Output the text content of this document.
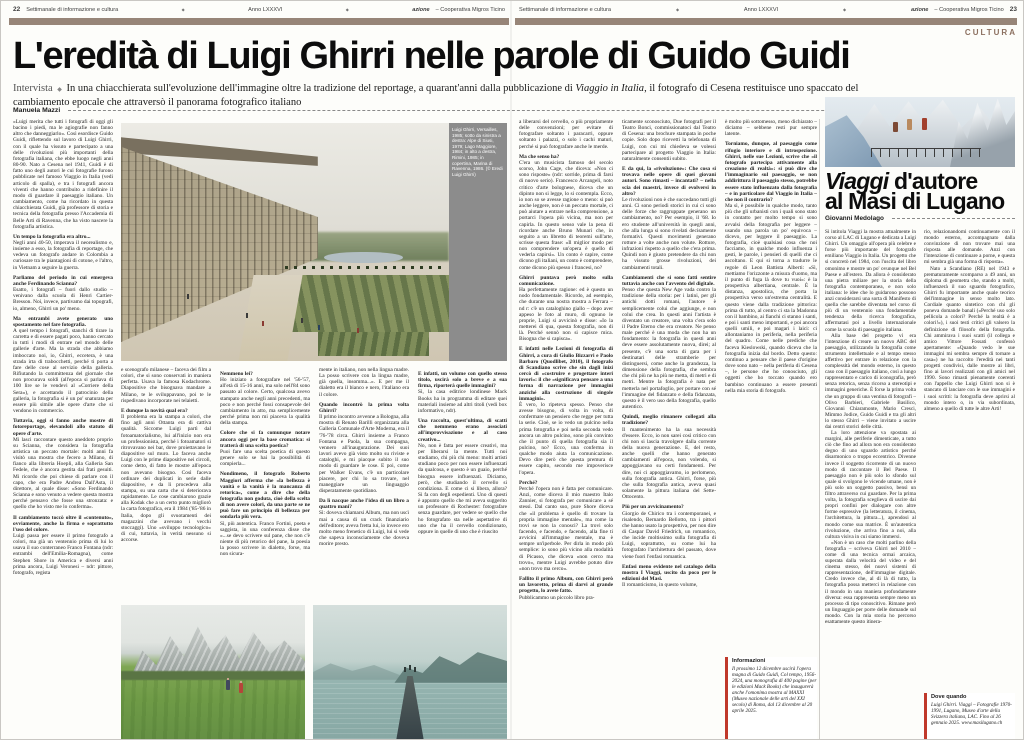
22 Settimanale di informazione e cultura	◆	Anno LXXXVI	◆	azione – Cooperativa Migros Ticino	Settimanale di informazione e cultura	◆	Anno LXXXVI	◆	azione – Cooperativa Migros Ticino 23
CULTURA
L'eredità di Luigi Ghirri nelle parole di Guido Guidi

Intervista ◆ In una chiacchierata sull'evoluzione dell'immagine oltre la tradizione del reportage, a quarant'anni dalla pubblicazione di Viaggio in Italia, il fotografo di Cesena restituisce uno spaccato del cambiamento epocale che attraversò il panorama fotografico italiano

Manuela Mazzi

«Luigi merita che tutti i fotografi di oggi gli bacino i piedi, ma le agiografie non fanno altro che danneggiarlo». Così esordisce Guido Guidi, riflettendo sul lavoro di Luigi Ghirri, con il quale ha vissuto e partecipato a una delle rivoluzioni più importanti della fotografia italiana, che ebbe luogo negli anni 80-90. Nato a Cesena nel 1941, Guidi è di fatto uno degli autori le cui fotografie furono pubblicate nel famoso Viaggio in Italia (vedi articolo di spalla), e tra i fotografi ancora viventi che hanno contribuito a ridefinire il modo di guardare il paesaggio italiano. Un cambiamento, come ha ricordato in questa chiacchierata Guidi, già professore di storia e tecnica della fotografia presso l'Accademia di Belle Arti di Ravenna, che ha visto nascere la fotografia artistica.

Un tempo la fotografia era altro...

Negli anni 40-50, imperava il neorealismo e, insieme a esso, la fotografia di reportage, che vedeva un fotografo andare in Colombia a curiosare tra le piantagioni di cotone, e l'altro, in Vietnam a seguire la guerra.

Parliamo del periodo in cui emergeva anche Ferdinando Scianna?

Esatto, i fotografi – fuori dallo studio – venivano dalla scuola di Henri Cartier-Bresson. Noi, invece, partivamo dai topografi, io, almeno, Ghirri un po' meno.

Ma entrambi avete generato uno spostamento nel fare fotografia.

A quel tempo i fotografi, stanchi di tirare la carretta e di essere pagati poco, hanno cercato in tutti i modi di entrare nel mondo delle gallerie d'arte. Ma la strada che abbiamo imboccato noi, io, Ghirri, eccetera, è una strada irta di trabocchetti, perché ti porta a fare delle cose al servizio della galleria. Rifiutando la committenza del giornale che non procurava soldi (all'epoca si parlava di 100 lire se le vendevi al «Corriere della Sera»), e accettando il patrocinio della galleria, la fotografia si è un po' snaturata per essere più simile alle opere d'arte che si vendono in commercio.

Tuttavia, oggi si fanno anche mostre di fotoreportage, elevandoli allo statuto di opere d'arte.

Mi lasci raccontare questo aneddoto proprio su Scianna, che considera la fotografia artistica un peccato mortale: molti anni fa visitò una mostra che fecero a Milano, di fianco alla libreria Hoepli, alla Galleria San Fedele, che è ancora gestita dai frati gesuiti. Mi ricordo che poi chiese di parlare con il capo, che era Padre Andrea Dall'Asta, il direttore, al quale disse: «Sono Ferdinando Scianna e sono venuto a vedere questa mostra perché pensavo che fosse una stronzata: e quello che ho visto me lo conferma».

Il cambiamento toccò oltre il «contenuto», ovviamente, anche la firma e soprattutto l'uso del colore.

Luigi passa per essere il primo fotografo a colori, ma già un ventennio prima di lui lo usava il suo conterraneo Franco Fontana (ndr: entrambi dell'Emilia-Romagna), come Stephen Shore in America e diversi anni prima ancora, Luigi Veronesi – ndr: pittore, fotografo, regista

Luigi Ghirri, Versailles, 1985; sotto da sinistra a destra: Alpe di Siusi, 1979; Lago Maggiore, 1984; in alto a destra, Rimini, 1985; in copertina, Marina di Ravenna, 1986. (© Eredi Luigi Ghirri)

e scenografo milanese – faceva dei film a colori, che si sono conservati in maniera perfetta. Usava la famosa Kodachrome. Diapositive che bisognava mandare a Milano, te le sviluppavano, poi te le rispedivano incorporate nei telaietti.

E dunque la novità qual era?

Il problema era la stampa a colori, che fino agli anni Ottanta era di cattiva qualità. Siccome Luigi partì dal fotoamatorialismo, lui all'inizio non era un professionista, perché i fotoamatori si ritrovavano nei bar, dove proiettavano le diapositive sul muro. Lo faceva anche Luigi con le prime diapositive nei circoli, come detto, di fatto le mostre all'epoca non avevano bisogno. Così faceva ordinare dei duplicati in serie dalle diapositive, e da lì procedeva alla stampa, su una carta che si deteriorava rapidamente. Le cose cambiarono grazie alla Kodak che a un certo punto migliorò la carta fotografica, era il 1984 ('85-'86 in Italia, dopo gli svuotamenti dei magazzini che avevano i vecchi stoccaggi). Uno «sviluppo tecnologico» di cui, tuttavia, in verità nessuno si accorse.

Nemmeno lei?

Ho iniziato a fotografare nel '56-'57, all'età di 15-16 anni, ma solo nell'84 sono passato al colore. Certo, qualcosa avevo stampato anche negli anni precedenti, ma poco e non perché fossi consapevole del cambiamento in atto, ma semplicemente perché prima non mi piaceva la qualità della stampa.

Colore che si fa comunque notare ancora oggi per la base cromatica: si tratterà di una scelta poetica?

Puoi fare una scelta poetica di questo genere solo se hai la possibilità di compierla...

Nondimeno, il fotografo Roberto Maggiori afferma che «la bellezza è vanità e la vanità è la mancanza di retorica», come a dire che della fotografia non goduta, cioè della scelta di non avere colori, da una parte se ne può fare un principio di bellezza per sondarla più vera.

Sì, più autentica. Franco Fortini, poeta e saggista, in una conferenza disse che «...se devo scrivere sul pane, che non c'è niente di più retorico del pane, la poesia la posso scrivere in dialetto, forse, ma non sicura-

mente in italiano, non nella lingua madre. La posso scrivere con la lingua madre, già quella, insomma...». E per me il dialetto era il bianco e nero, l'italiano era il colore.

Quando incontrò la prima volta Ghirri?

Il primo incontro avvenne a Bologna, alla mostra di Renato Barilli organizzata alla Galleria Comunale d'Arte Moderna, era il '76-'78 circa. Ghirri insieme a Franco Fontana e Paola, la sua compagna, vennero all'inaugurazione. Dei suoi lavori avevo già visto molto su riviste e cataloghi, e mi piacque subito il suo modo di guardare le cose. E poi, come per Walker Evans, c'è un particolare piacere, per chi lo sa trovare, nel maneggiare un linguaggio disperatamente quotidiano.

Da lì nacque anche l'idea di un libro a quattro mani?

Sì: doveva chiamarsi Album, ma non uscì mai a causa di un crack finanziario dell'editore; aveva fretta lui, io invece ero molto meno frenetico di Luigi, lui si vede che sapeva inconsciamente che doveva morire presto.

E infatti, un volume con quello stesso titolo, uscirà solo a breve e a sua firma, riporterà quelle immagini?

Sì, la casa editrice londinese Mack Books ha in programma di editare quei materiali insieme ad altri titoli (vedi box informativo, ndr).

Una raccolta, quest'ultima, di scatti che nemmeno erano associati all'improvvisazione e al caso creativo...

No, non è fatta per essere creativi, ma per liberarsi la mente. Tutti noi studiamo, chi più chi meno: molti artisti studiano poco per non essere influenzati da qualcosa, e questo è un guaio, perché bisogna essere influenzati. Diciamo, però, che studiando il cervello si condiziona. E come ci si libera, allora? Si fa con degli espedienti. Uno di questi è appunto quello che mi aveva suggerito un professore di Rochester: fotografare senza guardare, per vedere se quello che ho fotografato sta nelle aspettative di uno che ha il cervello condizionato, oppure in quelle di uno che è riuscito

a liberarsi del cervello, o più propriamente delle convenzioni; per evitare di fotografare soltanto i paracarri, oppure soltanto i palazzi, o solo i cachi maturi, perché si può fotografare anche le merde.

Ma che senso ha?

C'era un musicista famoso del secolo scorso, John Cage, che diceva: «Non ci sono risposte» (ndr: sorride, prima di farsi di nuovo serio). Francesco Arcangeli, noto critico d'arte bolognese, diceva che un dipinto non si legge, lo si contempla. Ecco, io non so se avesse ragione o meno: si può anche leggere, non è un peccato mortale, ci può aiutare a entrare nella comprensione, a portarci l'opera più vicina, ma non per capirla. In questo senso vale la pena di ricordare anche Bruno Munari che, in seguito a un libretto di teoremi sull'arte, scrisse questa frase: «Il miglior modo per non comprendere un'opera è quello di vederla capirsi». Un conto è capire, come dicono gli italiani, un conto è comprendere, come dicono più spesso i francesi, no?

Ghirri puntava però molto sulla comunicazione.

Ha perfettamente ragione: ed è questo un nodo fondamentale. Ricordo, ad esempio, che durante una nostra mostra a Ferrara – nd r: c'è un cataloghino giallo – dopo aver appeso le foto al muro, di ognuno le proprie, Luigi si avvicinò e disse: «Io la metterei di qua, questa fotografia, non di là. Perché sennò non si capisce mica. Bisogna che si capisca».

E infatti nelle Lezioni di fotografia di Ghirri, a cura di Giulio Bizzarri e Paolo Barbaro (Quodlibet, 2010), il fotografo di Scandiano scrive che sin dagli inizi cercò di «costruire e progettare interi lavori»: il che «significava pensare a una forma di narrazione per immagini anziché alla costruzione di singole immagini».

È vero, lo ripeteva spesso. Penso che avesse bisogno, di volta in volta, di confermare un pensiero che regge per tutta la serie. Cioè, se io vedo un pulcino nella prima fotografia e poi nella seconda vedo ancora un altro pulcino, sono più convinto che il punto di quella fotografia sia il pulcino, no? Ecco, una conferma in qualche modo aiuta la comunicazione. Devo dire però che questa premura di essere capito, secondo me impoverisce l'opera.

Perché?

Perché l'opera non è fatta per comunicare. Anzi, come diceva il mio maestro Italo Zannier, si fotografa per comunicare a sé stessi. Dal canto suo, pure Shore diceva che «il problema è quello di trovare la propria immagine mentale», ma come la trovi se non la conosci? La trovi solo facendo, e facendo, e facendo, alla fine ti avvicini all'immagine mentale, ma è sempre un'iperbole. Per dirla in modo più semplice: io sono più vicino alla modalità di Picasso, che diceva «non cerco ma trovo», mentre Luigi avrebbe potuto dire «non trovo ma cerco».

Fallito il primo Album, con Ghirri però un lavoretto, prima di darvi al grande progetto, lo avete fatto.

Pubblicammo un piccolo libro pra-

ticamente sconosciuto, Due fotografi per il Teatro Bonci, commissionatoci dal Teatro di Cesena: una brochure stampata in poche copie. Solo dopo ricevetti la telefonata di Luigi, con cui mi chiedeva se volessi partecipare al progetto Viaggio in Italia: naturalmente consentii subito.

E da qui, la «rivoluzione»: Che cosa si trovava nelle opere di quei giovani autori. Sono rimasti – incantati? – nella scia dei maestri, invece di evolversi in altro?

Le rivoluzioni non è che succedano tutti gli anni. Ci sono periodi storici in cui ci sono delle forze che raggruppate generano un cambiamento, no? Per esempio, il '68. Io ero studente all'università in quegli anni, che alla lunga si sono rivelati decisamente formativi. Questi movimenti generano rotture a volte anche non volute. Rotture, infrazioni rispetto a quello che c'era prima. Quindi non è giusto pretendere da chi non ha vissuto grosse rivoluzioni, dei cambiamenti totali.

Cambiamenti che si sono fatti sentire tuttavia anche con l'avvento del digitale.

Penso che questa New Age vada contro la tradizione della storia: per i latini, per gli antichi dotti romani, l'autore è semplicemente colui che aggiunge, e non colui che crea. In questi anni l'artista è diventato un creatore, una volta c'era solo il Padre Eterno che era creatore. Ne penso male perché è una moda che non ha un fondamento: la fotografia in questi anni deve essere assolutamente nuova, direi; al presente, c'è una sorta di gara per i destinatari delle stramberie per distinguersi, come anche la grandezza, la dimensione della fotografia, che sembra che chi più ne ha più ne metta, di metri e di metri. Mentre la fotografia è nata per metterla nel portafoglio, per portare con sé l'immagine del fidanzato e della fidanzata, questo è il vero uso della fotografia, quello autentico.

Quindi, meglio rimanere collegati alla tradizione?

Il mantenimento ha la sua necessità d'essere. Ecco, io non sarei così critico con chi non si lascia travolgere dalla corrente della nuova generazione. E, del resto, anche quelli che hanno generato cambiamenti all'epoca, non volendo, si appoggiavano su certi fondamenti. Per dire, noi ci appoggiavamo, io perlomeno, sulla fotografia antica. Ghirri, forse, più che sulla fotografia antica, aveva quasi solamente la pittura italiana del Sette-Ottocento.

Più per un avvicinamento?

Giorgio de Chirico tra i contemporanei, e risalendo, Bernardo Bellotto, tra i pittori che hanno usato la prospettiva, per non dire di Caspar David Friedrich, un romantico, che incide moltissimo sulla fotografia di Luigi, soprattutto, su come lui ha fotografato l'architettura del passato, dove viene fuori l'enfasi romantica.

Enfasi meno evidente nel catalogo della mostra I Viaggi, uscito da poco per le edizioni del Masi.

Il romanticismo, in questo volume,

è molto più sottomesso, meno dichiarato – diciamo – sebbene resti pur sempre latente.

Torniamo, dunque, al paesaggio come rifugio interiore e di introspezione. Ghirri, nelle sue Lezioni, scrive che «il fotografo partecipa attivamente alla creazione di realtà»: si può dire che l'immaginario sul paesaggio, se non addirittura il paesaggio stesso, potrebbe essere stato influenzato dalla fotografia – e in particolare dal Viaggio in Italia – che non il contrario?

Ma sì, è possibile in qualche modo, tanto più che gli urbanisti con i quali sono stato in contatto per molto tempo si sono avvalsi della fotografia per leggere – usando una parola un po' equivoca – dicevo, per leggere il paesaggio. La fotografia, cioè qualsiasi cosa che noi facciamo, in qualche modo influenza i gesti, le parole, i pensieri di quelli che ci ascoltano. E qui si torna a tradurre le regole di Leon Battista Alberti: «Sì, mettiamo l'orizzonte a misura d'uomo, ma il punto di fuga là dove tu vuoi»: è la prospettiva albertiana, centrale. È la distanza, apostolica, che porta la prospettiva verso un'estrema centralità. E questo viene dalla tradizione pittorica: prima di tutto, al centro ci sta la Madonna con il bambino, ai fianchi ci stanno i santi, e poi i santi meno importanti, e poi ancora quelli umili, e poi magari i laici: ci allontaniamo in periferia, nella periferia del quadro. Come nelle prediche che faceva Kieslowski, quando diceva che la fotografia inizia dal bordo. Detto questo: continuo a pensare che il paese d'origine dove sono nato – nella periferia di Cesena –, le persone che ho conosciuto, gli oggetti che ho toccato quando ero bambino continuano a essere presenti nella mia storia di fotografo.

Informazioni

Il prossimo 12 dicembre uscirà l'opera magna di Guido Guidi, Col tempo, 1956-2024, una monografia di 400 pagine (per le edizioni Mack Books) che inaugurerà anche l'omonima mostra al MAXXI (Museo nazionale delle arti del XXI secolo) di Roma, dal 13 dicembre al 20 aprile 2025.

Viaggi d'autore
al Masi di Lugano
Giovanni Medolago

Si intitola Viaggi la mostra attualmente in corso al LAC di Lugano e dedicata a Luigi Ghirri. Un omaggio all'opera più celebre e forse più importante del fotografo emiliano Viaggio in Italia. Un progetto che si concretò nel 1984, con l'uscita del libro omonimo e mostre un po' ovunque nel Bel Paese e all'estero. Da allora è considerato una pietra miliare per la storia della fotografia contemporanea, e non solo italiana: le idee che lo guidarono possono anzi considerarsi una sorta di Manifesto di quella che sarebbe diventata nel corso di più di un ventennio una fondamentale tendenza della ricerca fotografica, affermatasi poi a livello internazionale come la scuola di paesaggio italiana.

Alla base del progetto vi era l'intenzione di creare un nuovo ABC del paesaggio, utilizzando la fotografia come strumento intellettuale e al tempo stesso affettivo per entrare in relazione con la complessità del mondo esterno, in questo caso con il paesaggio italiano, così a lungo rappresentato e carico di iconografia, però senza retorica, senza ricorso a stereotipi e immagini generiche. È forse la prima volta che un gruppo di una ventina di fotografi – Olivo Barbieri, Gabriele Basilico, Giovanni Chiaramonte, Mario Cresci, Mimmo Jodice, Guido Guidi e tra gli altri lo stesso Ghirri – viene invitato a uscire dai centri storici delle città.

La loro attenzione va spostata ai margini, alle periferie dimenticate, a tutto ciò che fino ad allora non era considerato degno di uno sguardo artistico perché disarmonico o troppo eccentrico. Divenne invece il soggetto ricorrente di un nuovo modo di raccontare il Bel Paese. Il paesaggio non è più solo lo sfondo sul quale si svolgono le vicende umane, non è più solo un soggetto passivo, bensì un filtro attraverso cui guardare. Per la prima volta, la fotografia sceglieva di uscire dai propri confini per dialogare con altre forme espressive (la letteratura, il cinema, l'architettura, la pittura...), aprendosi al mondo come sua matrice. È un'autentica rivoluzione, che arriva fino a noi, alla cultura visiva in cui siamo immersi.

«Non è un caso che molti parlino della fotografia – scriveva Ghirri nel 2010 – come di una tecnica ormai arcaica, superata dalla velocità del video e del cinema stesso, dei nuovi sistemi di rappresentazione, dell'immagine digitale. Credo invece che, al di là di tutto, la fotografia possa metterci in relazione con il mondo in una maniera profondamente diversa: essa rappresenta sempre meno un processo di tipo conoscitivo. Rimane però un linguaggio per porre delle domande sul mondo. Con la mia storia ho percorso esattamente questo itinera-

rio, relazionandomi continuamente con il mondo esterno, accompagnato dalla convinzione di non trovare mai una risposta alle domande. Anzi con l'intenzione di continuare a porne, e questa mi sembra già una forma di risposta».

Nato a Scandiano (RE) nel 1943 e prematuramente scomparso a 49 anni, un diploma di geometra che, stando a molti, influenzerà il suo sguardo fotografico, Ghirri fu importante anche quale teorico dell'immagine in senso molto lato. Cordiale quanto sintetico con chi gli poneva domande banali («Perché uso solo pellicola a colori? Perché la realtà è a colori!»), i suoi testi critici gli valsero la definizione di filosofo della fotografia. Chi ammirava i suoi scatti (il collega e amico Vittore Fossati confessò apertamente: «Quando vedo le sue immagini mi sembra sempre di tornare a casa») ne ha raccolto l'eredità nei tanti progetti condivisi, dalle mostre ai libri, fino ai lavori realizzati con gli amici nel 1990. Sono rimasti pienamente coerenti con l'appello che Luigi Ghirri non si è stancato di lanciare con le sue immagini e i suoi scritti: la fotografia deve aprirsi al mondo intero o, in via subordinata, almeno a quello di tutte le altre Arti!

Dove quando

Luigi Ghirri. Viaggi – Fotografie 1970-1991, Lugano, Museo d'arte della Svizzera italiana, LAC. Fino al 26 gennaio 2025. www.masilugano.ch
